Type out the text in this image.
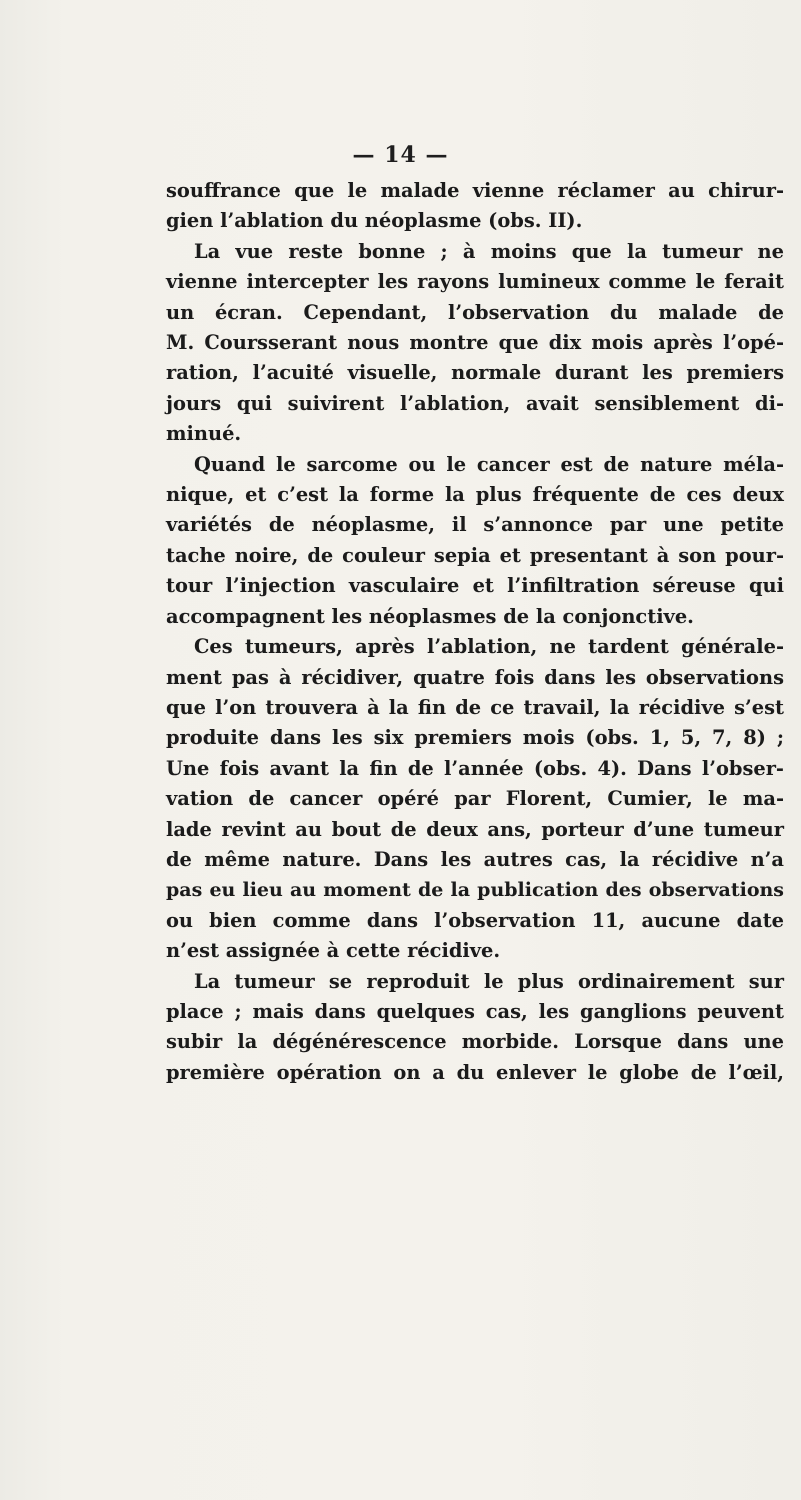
— 14 —
souffrance que le malade vienne réclamer au chirur-
gien l’ablation du néoplasme (obs. II).
La vue reste bonne ; à moins que la tumeur ne
vienne intercepter les rayons lumineux comme le ferait
un écran. Cependant, l’observation du malade de
M. Coursserant nous montre que dix mois après l’opé-
ration, l’acuité visuelle, normale durant les premiers
jours qui suivirent l’ablation, avait sensiblement di-
minué.
Quand le sarcome ou le cancer est de nature méla-
nique, et c’est la forme la plus fréquente de ces deux
variétés de néoplasme, il s’annonce par une petite
tache noire, de couleur sepia et presentant à son pour-
tour l’injection vasculaire et l’infiltration séreuse qui
accompagnent les néoplasmes de la conjonctive.
Ces tumeurs, après l’ablation, ne tardent générale-
ment pas à récidiver, quatre fois dans les observations
que l’on trouvera à la fin de ce travail, la récidive s’est
produite dans les six premiers mois (obs. 1, 5, 7, 8) ;
Une fois avant la fin de l’année (obs. 4). Dans l’obser-
vation de cancer opéré par Florent, Cumier, le ma-
lade revint au bout de deux ans, porteur d’une tumeur
de même nature. Dans les autres cas, la récidive n’a
pas eu lieu au moment de la publication des observations
ou bien comme dans l’observation 11, aucune date
n’est assignée à cette récidive.
La tumeur se reproduit le plus ordinairement sur
place ; mais dans quelques cas, les ganglions peuvent
subir la dégénérescence morbide. Lorsque dans une
première opération on a du enlever le globe de l’œil,
